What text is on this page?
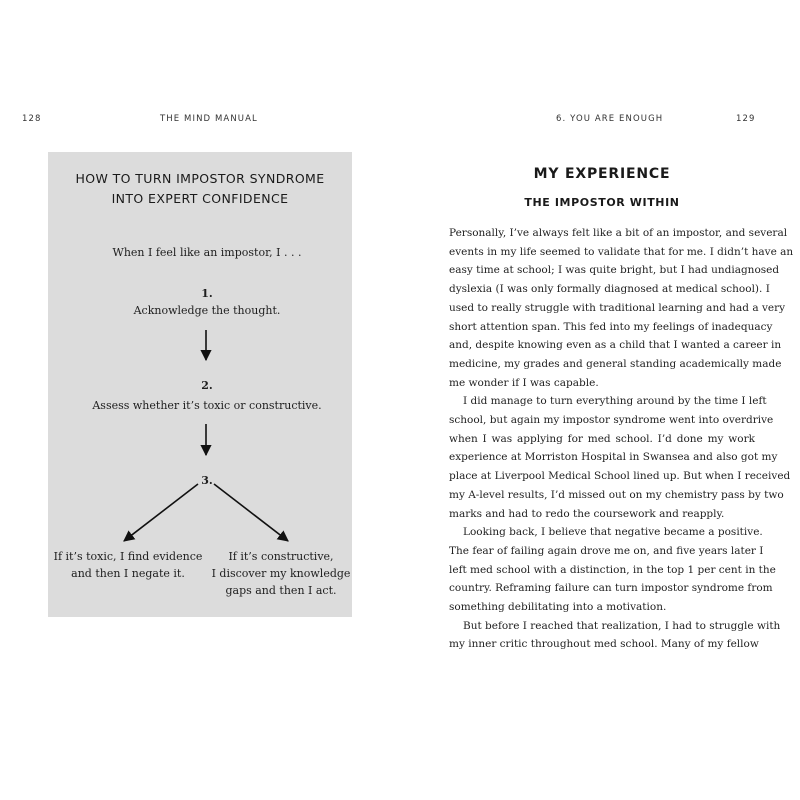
128	THE MIND MANUAL	6. YOU ARE ENOUGH	129
HOW TO TURN IMPOSTOR SYNDROME
INTO EXPERT CONFIDENCE
When I feel like an impostor, I . . .
1.
Acknowledge the thought.
2.
Assess whether it’s toxic or constructive.
3.
If it’s toxic, I find evidence
and then I negate it.
If it’s constructive,
I discover my knowledge
gaps and then I act.
MY EXPERIENCE
THE IMPOSTOR WITHIN
Personally, I’ve always felt like a bit of an impostor, and several
events in my life seemed to validate that for me. I didn’t have an
easy time at school; I was quite bright, but I had undiagnosed
dyslexia (I was only formally diagnosed at medical school). I
used to really struggle with traditional learning and had a very
short attention span. This fed into my feelings of inadequacy
and, despite knowing even as a child that I wanted a career in
medicine, my grades and general standing academically made
me wonder if I was capable.
I did manage to turn everything around by the time I left
school, but again my impostor syndrome went into overdrive
when I was applying for med school. I’d done my work
experience at Morriston Hospital in Swansea and also got my
place at Liverpool Medical School lined up. But when I received
my A-level results, I’d missed out on my chemistry pass by two
marks and had to redo the coursework and reapply.
Looking back, I believe that negative became a positive.
The fear of failing again drove me on, and five years later I
left med school with a distinction, in the top 1 per cent in the
country. Reframing failure can turn impostor syndrome from
something debilitating into a motivation.
But before I reached that realization, I had to struggle with
my inner critic throughout med school. Many of my fellow
